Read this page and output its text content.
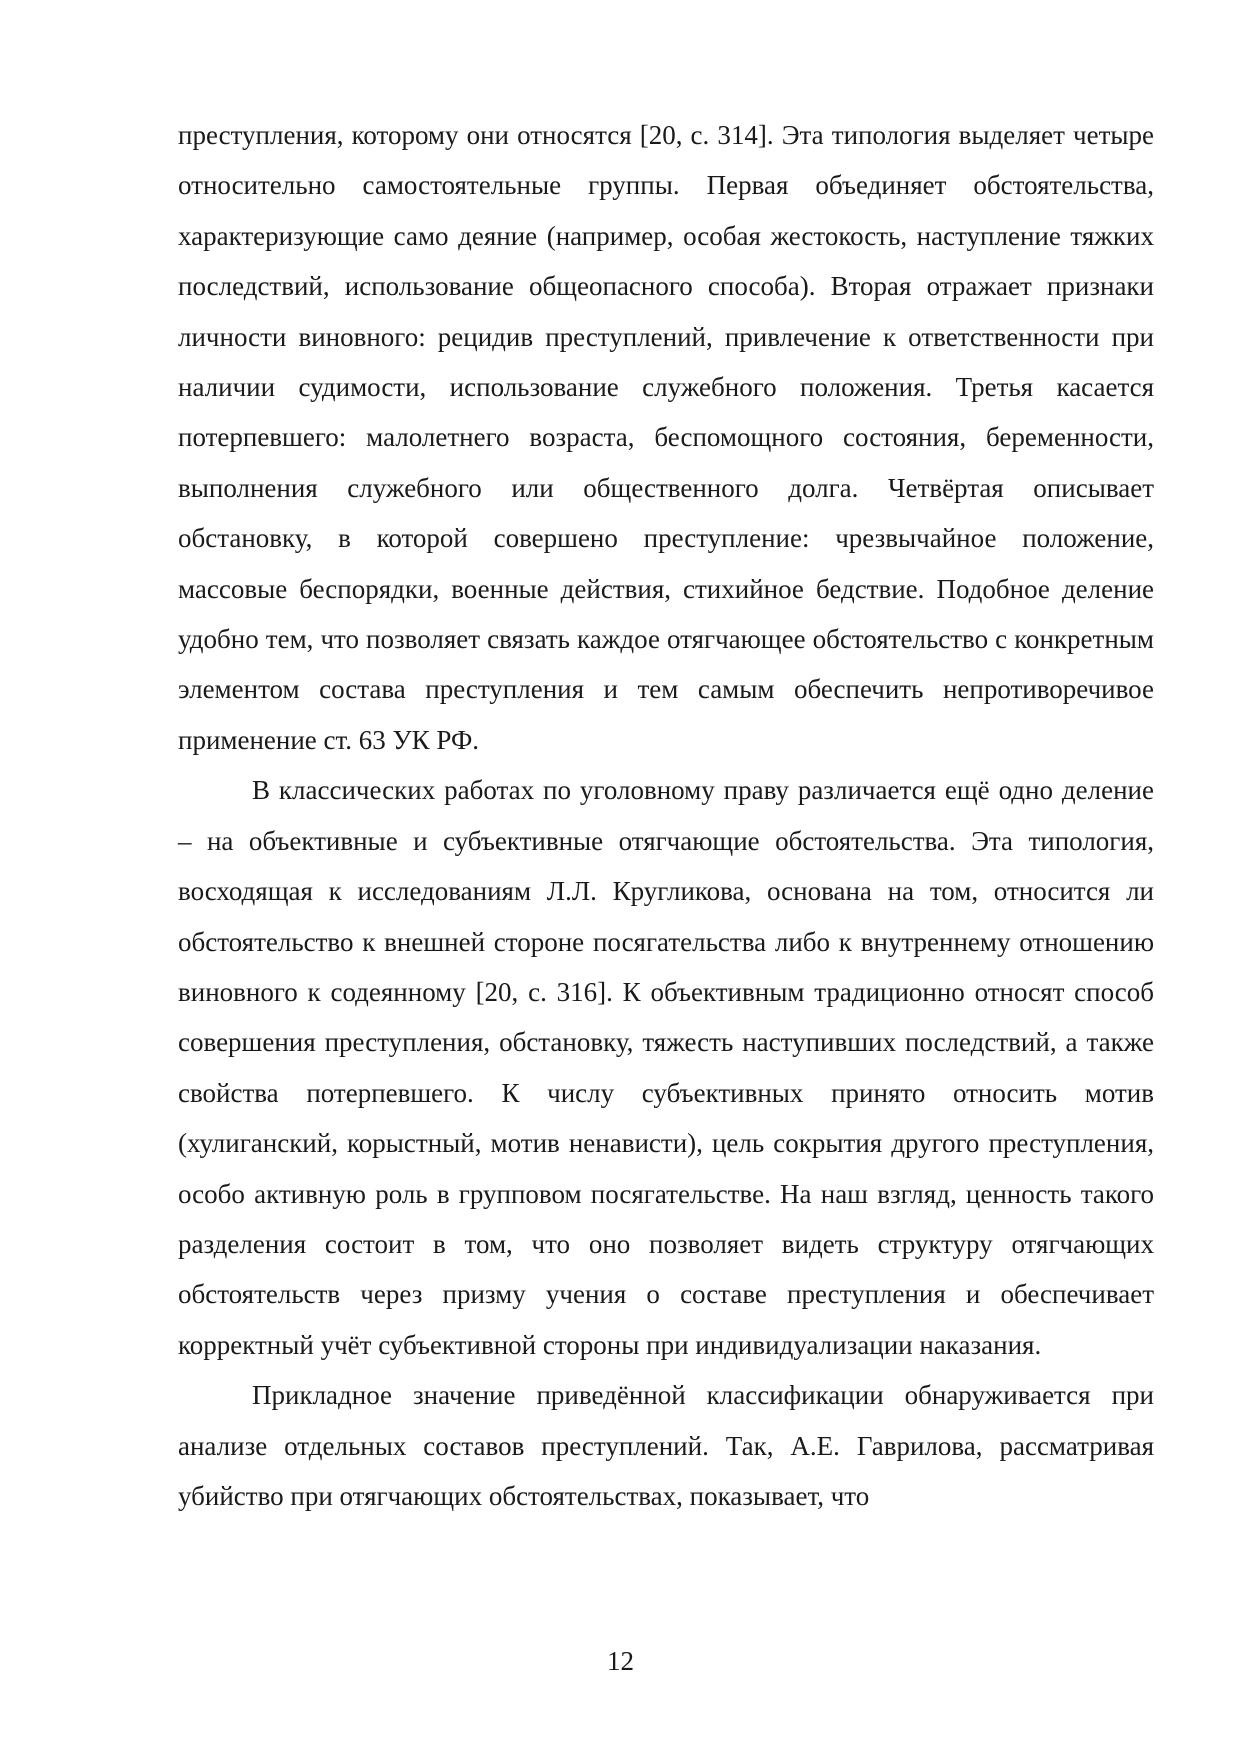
преступления, которому они относятся [20, с. 314]. Эта типология выделяет четыре относительно самостоятельные группы. Первая объединяет обстоятельства, характеризующие само деяние (например, особая жестокость, наступление тяжких последствий, использование общеопасного способа). Вторая отражает признаки личности виновного: рецидив преступлений, привлечение к ответственности при наличии судимости, использование служебного положения. Третья касается потерпевшего: малолетнего возраста, беспомощного состояния, беременности, выполнения служебного или общественного долга. Четвёртая описывает обстановку, в которой совершено преступление: чрезвычайное положение, массовые беспорядки, военные действия, стихийное бедствие. Подобное деление удобно тем, что позволяет связать каждое отягчающее обстоятельство с конкретным элементом состава преступления и тем самым обеспечить непротиворечивое применение ст. 63 УК РФ.

В классических работах по уголовному праву различается ещё одно деление – на объективные и субъективные отягчающие обстоятельства. Эта типология, восходящая к исследованиям Л.Л. Кругликова, основана на том, относится ли обстоятельство к внешней стороне посягательства либо к внутреннему отношению виновного к содеянному [20, с. 316]. К объективным традиционно относят способ совершения преступления, обстановку, тяжесть наступивших последствий, а также свойства потерпевшего. К числу субъективных принято относить мотив (хулиганский, корыстный, мотив ненависти), цель сокрытия другого преступления, особо активную роль в групповом посягательстве. На наш взгляд, ценность такого разделения состоит в том, что оно позволяет видеть структуру отягчающих обстоятельств через призму учения о составе преступления и обеспечивает корректный учёт субъективной стороны при индивидуализации наказания.

Прикладное значение приведённой классификации обнаруживается при анализе отдельных составов преступлений. Так, А.Е. Гаврилова, рассматривая убийство при отягчающих обстоятельствах, показывает, что

12
